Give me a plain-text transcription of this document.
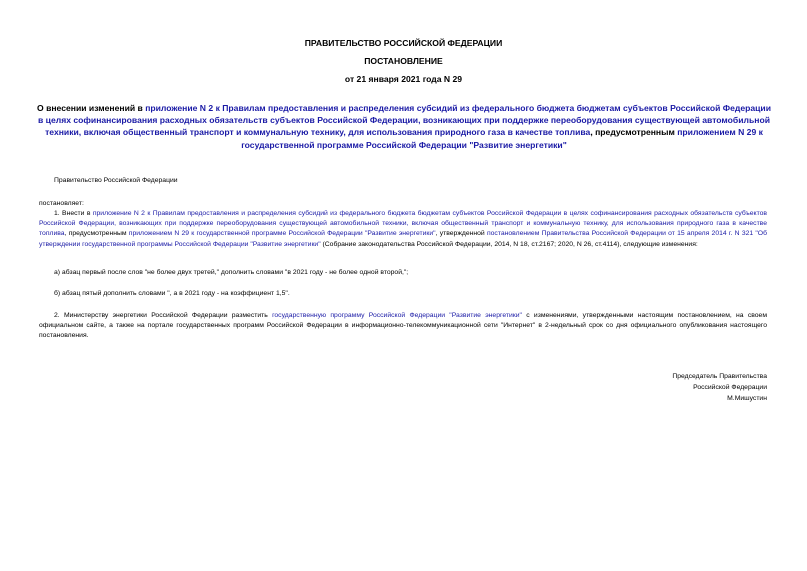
ПРАВИТЕЛЬСТВО РОССИЙСКОЙ ФЕДЕРАЦИИ
ПОСТАНОВЛЕНИЕ
от 21 января 2021 года N 29
О внесении изменений в приложение N 2 к Правилам предоставления и распределения субсидий из федерального бюджета бюджетам субъектов Российской Федерации в целях софинансирования расходных обязательств субъектов Российской Федерации, возникающих при поддержке переоборудования существующей автомобильной техники, включая общественный транспорт и коммунальную технику, для использования природного газа в качестве топлива, предусмотренным приложением N 29 к государственной программе Российской Федерации "Развитие энергетики"
Правительство Российской Федерации
постановляет:
1. Внести в приложение N 2 к Правилам предоставления и распределения субсидий из федерального бюджета бюджетам субъектов Российской Федерации в целях софинансирования расходных обязательств субъектов Российской Федерации, возникающих при поддержке переоборудования существующей автомобильной техники, включая общественный транспорт и коммунальную технику, для использования природного газа в качестве топлива, предусмотренным приложением N 29 к государственной программе Российской Федерации "Развитие энергетики", утвержденной постановлением Правительства Российской Федерации от 15 апреля 2014 г. N 321 "Об утверждении государственной программы Российской Федерации "Развитие энергетики" (Собрание законодательства Российской Федерации, 2014, N 18, ст.2167; 2020, N 26, ст.4114), следующие изменения:
а) абзац первый после слов "не более двух третей," дополнить словами "в 2021 году - не более одной второй,";
б) абзац пятый дополнить словами ", а в 2021 году - на коэффициент 1,5".
2. Министерству энергетики Российской Федерации разместить государственную программу Российской Федерации "Развитие энергетики" с изменениями, утвержденными настоящим постановлением, на своем официальном сайте, а также на портале государственных программ Российской Федерации в информационно-телекоммуникационной сети "Интернет" в 2-недельный срок со дня официального опубликования настоящего постановления.
Председатель Правительства
Российской Федерации
М.Мишустин
